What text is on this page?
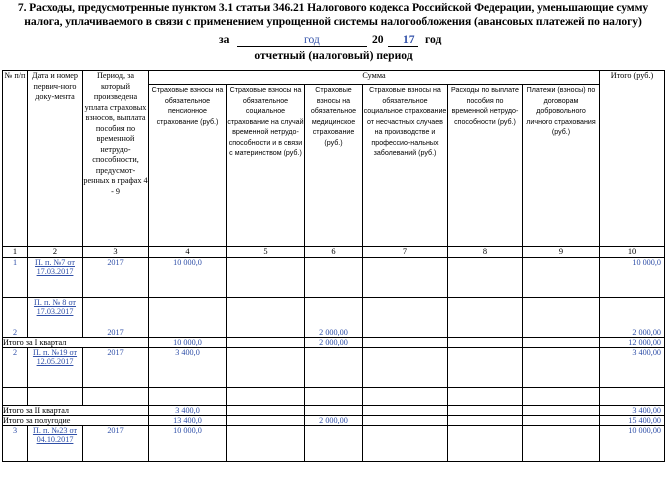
7. Расходы, предусмотренные пунктом 3.1 статьи 346.21 Налогового кодекса Российской Федерации, уменьшающие сумму
налога, уплачиваемого в связи с применением упрощенной системы налогообложения (авансовых платежей по налогу)
за	год	20 17 год
отчетный (налоговый) период
№ п/п	Дата и номер первич-ного доку-мента	Период, за который произведена уплата страховых взносов, выплата пособия по временной нетрудо-способности, предусмот-ренных в графах 4 - 9	Сумма						Итого (руб.)
			Страховые взносы на обязательное пенсионное страхование (руб.)	Страховые взносы на обязательное социальное страхование на случай временной нетрудо-способности и в связи с материнством (руб.)	Страховые взносы на обязательное медицинское страхование (руб.)	Страховые взносы на обязательное социальное страхование от несчастных случаев на производстве и профессио-нальных заболеваний (руб.)	Расходы по выплате пособия по временной нетрудо-способности (руб.)	Платежи (взносы) по договорам добровольного личного страхования (руб.)	
1	2	3	4	5	6	7	8	9	10
1	П. п. №7 от 17.03.2017	2017	10 000,0						10 000,0
2	П. п. № 8 от 17.03.2017	2017			2 000,00				2 000,00
Итого за I квартал			10 000,0		2 000,00				12 000,00
2	П. п. №19 от 12.05.2017	2017	3 400,0						3 400,00

Итого за II квартал			3 400,0						3 400,00
Итого за полугодие			13 400,0		2 000,00				15 400,00
3	П. п. №23 от 04.10.2017	2017	10 000,0						10 000,00
